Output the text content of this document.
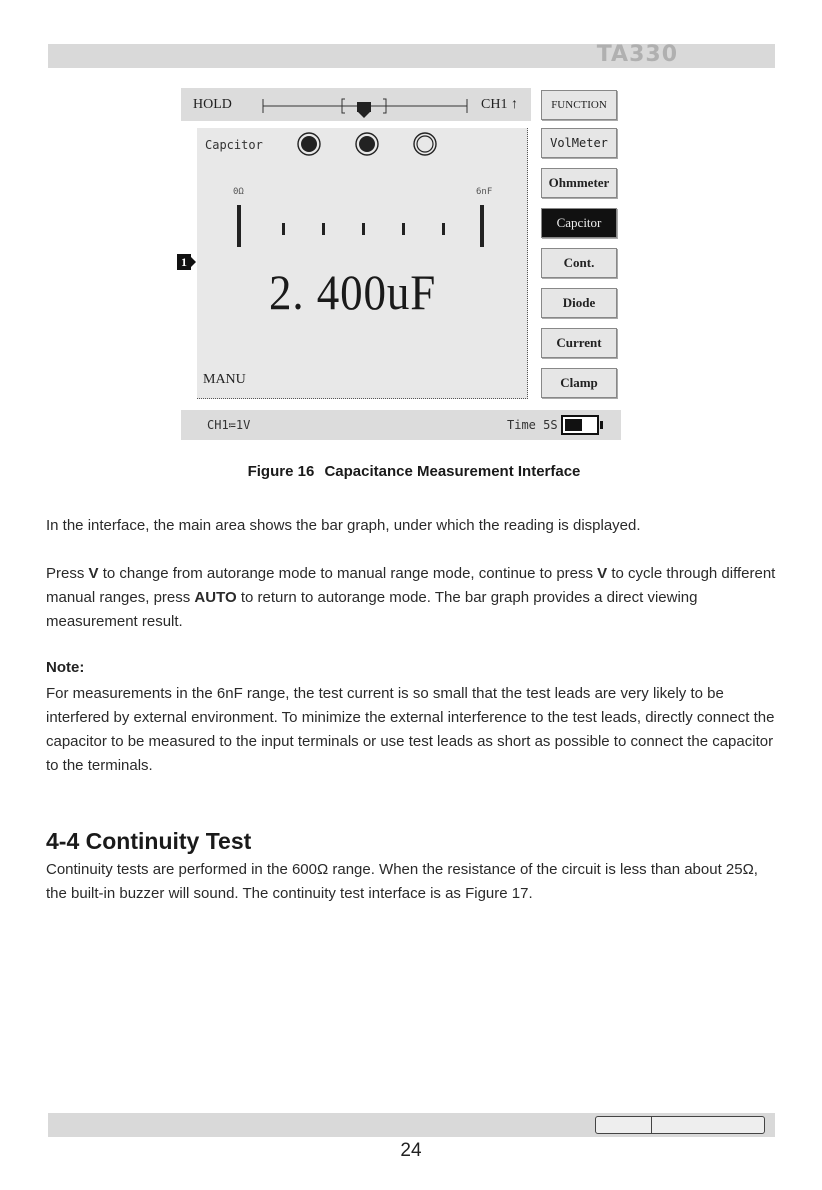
TA330
HOLD	CH1 ↑
1
Capcitor
0Ω	6nF
2. 400uF
MANU
FUNCTION
VolMeter
Ohmmeter
Capcitor
Cont.
Diode
Current
Clamp
CH1≔1V	Time 5S
Figure 16 Capacitance Measurement Interface

In the interface, the main area shows the bar graph, under which the reading is displayed.

Press V to change from autorange mode to manual range mode, continue to press V to cycle through different manual ranges, press AUTO to return to autorange mode. The bar graph provides a direct viewing measurement result.

Note:

For measurements in the 6nF range, the test current is so small that the test leads are very likely to be interfered by external environment. To minimize the external interference to the test leads, directly connect the capacitor to be measured to the input terminals or use test leads as short as possible to connect the capacitor to the terminals.

4-4 Continuity Test

Continuity tests are performed in the 600Ω range. When the resistance of the circuit is less than about 25Ω, the built-in buzzer will sound. The continuity test interface is as Figure 17.

24
